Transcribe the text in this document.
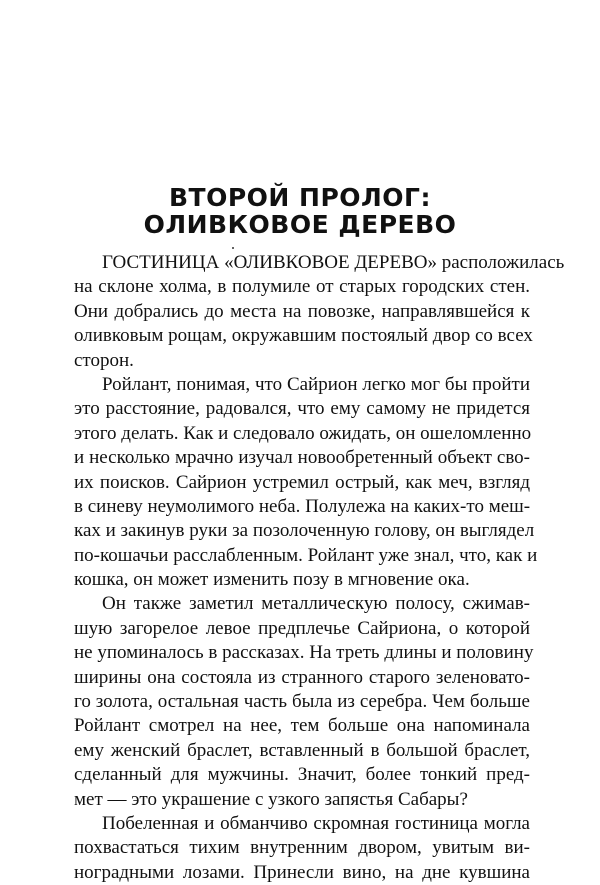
ВТОРОЙ ПРОЛОГ:
ОЛИВКОВОЕ ДЕРЕВО
ГОСТИНИЦА «ОЛИВКОВОЕ ДЕРЕВО» расположилась
на склоне холма, в полумиле от старых городских стен.
Они добрались до места на повозке, направлявшейся к
оливковым рощам, окружавшим постоялый двор со всех
сторон.
Ройлант, понимая, что Сайрион легко мог бы пройти
это расстояние, радовался, что ему самому не придется
этого делать. Как и следовало ожидать, он ошеломленно
и несколько мрачно изучал новообретенный объект сво-
их поисков. Сайрион устремил острый, как меч, взгляд
в синеву неумолимого неба. Полулежа на каких-то меш-
ках и закинув руки за позолоченную голову, он выглядел
по-кошачьи расслабленным. Ройлант уже знал, что, как и
кошка, он может изменить позу в мгновение ока.
Он также заметил металлическую полосу, сжимав-
шую загорелое левое предплечье Сайриона, о которой
не упоминалось в рассказах. На треть длины и половину
ширины она состояла из странного старого зеленовато-
го золота, остальная часть была из серебра. Чем больше
Ройлант смотрел на нее, тем больше она напоминала
ему женский браслет, вставленный в большой браслет,
сделанный для мужчины. Значит, более тонкий пред-
мет — это украшение с узкого запястья Сабары?
Побеленная и обманчиво скромная гостиница могла
похвастаться тихим внутренним двором, увитым ви-
ноградными лозами. Принесли вино, на дне кувшина
